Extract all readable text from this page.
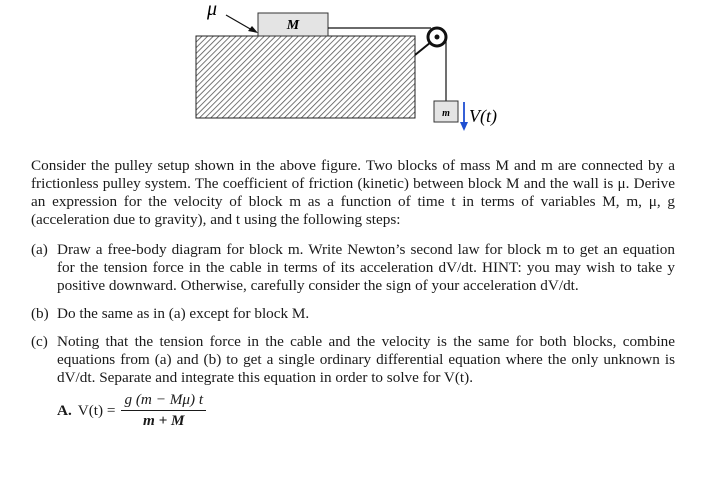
M
μ
m V(t)

Consider the pulley setup shown in the above figure. Two blocks of mass M and m are connected by a frictionless pulley system. The coefficient of friction (kinetic) between block M and the wall is μ. Derive an expression for the velocity of block m as a function of time t in terms of variables M, m, μ, g (acceleration due to gravity), and t using the following steps:

(a) Draw a free-body diagram for block m. Write Newton’s second law for block m to get an equation for the tension force in the cable in terms of its acceleration dV/dt. HINT: you may wish to take y positive downward. Otherwise, carefully consider the sign of your acceleration dV/dt.
(b) Do the same as in (a) except for block M.
(c) Noting that the tension force in the cable and the velocity is the same for both blocks, combine equations from (a) and (b) to get a single ordinary differential equation where the only unknown is dV/dt. Separate and integrate this equation in order to solve for V(t).
A. $V(t) = \frac{g (m - M\mu) t}{m + M}$
